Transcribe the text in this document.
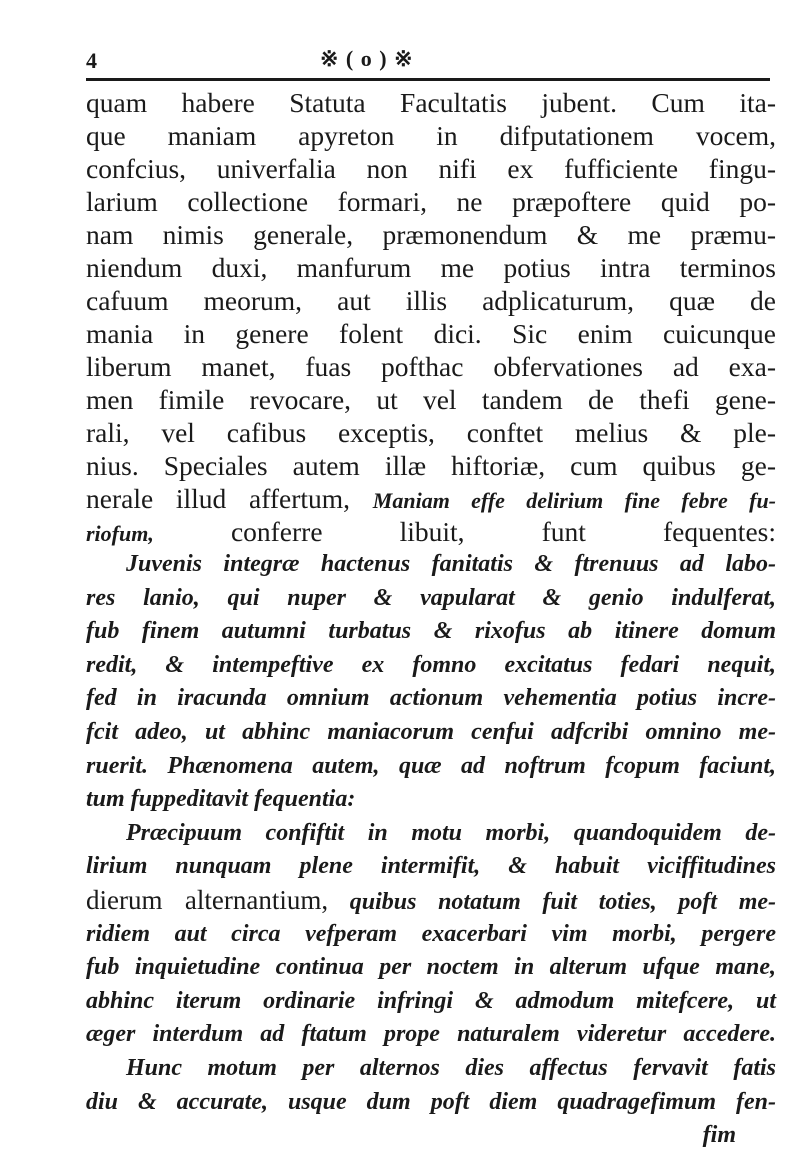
4	※ ( o ) ※
quam habere Statuta Facultatis jubent. Cum ita-
que maniam apyreton in difputationem vocem,
confcius, univerfalia non nifi ex fufficiente fingu-
larium collectione formari, ne præpoftere quid po-
nam nimis generale, præmonendum & me præmu-
niendum duxi, manfurum me potius intra terminos
cafuum meorum, aut illis adplicaturum, quæ de
mania in genere folent dici. Sic enim cuicunque
liberum manet, fuas pofthac obfervationes ad exa-
men fimile revocare, ut vel tandem de thefi gene-
rali, vel cafibus exceptis, conftet melius & ple-
nius. Speciales autem illæ hiftoriæ, cum quibus ge-
nerale illud affertum, Maniam effe delirium fine febre fu-
riofum,	conferre libuit, funt fequentes:
Juvenis integræ hactenus fanitatis & ftrenuus ad labo-
res lanio, qui nuper & vapularat & genio indulferat,
fub finem autumni turbatus & rixofus ab itinere domum
redit, & intempeftive ex fomno excitatus fedari nequit,
fed in iracunda omnium actionum vehementia potius incre-
fcit adeo, ut abhinc maniacorum cenfui adfcribi omnino me-
ruerit. Phænomena autem, quæ ad noftrum fcopum faciunt,
tum fuppeditavit fequentia:
Præcipuum confiftit in motu morbi, quandoquidem de-
lirium nunquam plene intermifit, & habuit viciffitudines
dierum alternantium, quibus notatum fuit toties, poft me-
ridiem aut circa vefperam exacerbari vim morbi, pergere
fub inquietudine continua per noctem in alterum ufque mane,
abhinc iterum ordinarie infringi & admodum mitefcere, ut
æger interdum ad ftatum prope naturalem videretur accedere.
Hunc motum per alternos dies affectus fervavit fatis
diu & accurate, usque dum poft diem quadragefimum fen-
fim
